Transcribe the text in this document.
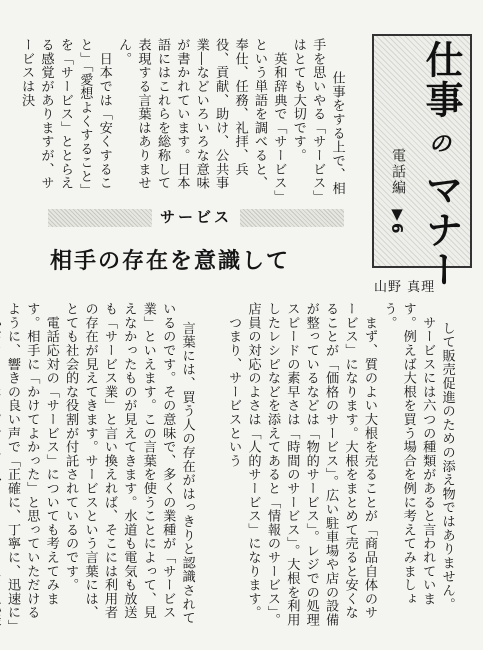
　仕事をする上で、相手を思いやる「サービス」はとても大切です。
　英和辞典で「サービス」という単語を調べると、奉仕、任務、礼拝、兵役、貢献、助け、公共事業―などいろいろな意味が書かれています。日本語にはこれらを総称して表現する言葉はありません。
　日本では「安くすること」「愛想よくすること」を「サービス」ととらえる感覚がありますが、サービスは決
	仕事のマナー
電話編
▼6
サービス
相手の存在を意識して
山野 真理

して販売促進のための添え物ではありません。
　サービスには六つの種類があると言われています。例えば大根を買う場合を例に考えてみましょう。
　まず、質のよい大根を売ることが「商品自体のサービス」になります。大根をまとめて売ると安くなることが「価格のサービス」。広い駐車場や店の設備が整っているなどは「物的サービス」。レジでの処理スピードの素早さは「時間のサービス」。大根を利用したレシピなどを添えてあると「情報のサービス」。店員の対応のよさは「人的サービス」になります。
　つまり、サービスという

言葉には、買う人の存在がはっきりと認識されているのです。その意味で、多くの業種が「サービス業」といえます。この言葉を使うことによって、見えなかったものが見えてきます。水道も電気も放送も「サービス業」と言い換えれば、そこには利用者の存在が見えてきます。サービスという言葉には、とても社会的な役割が付託されているのです。
　電話応対の「サービス」についても考えてみます。相手に「かけてよかった」と思っていただけるように、響きの良い声で「正確に、丁寧に、迅速に」
